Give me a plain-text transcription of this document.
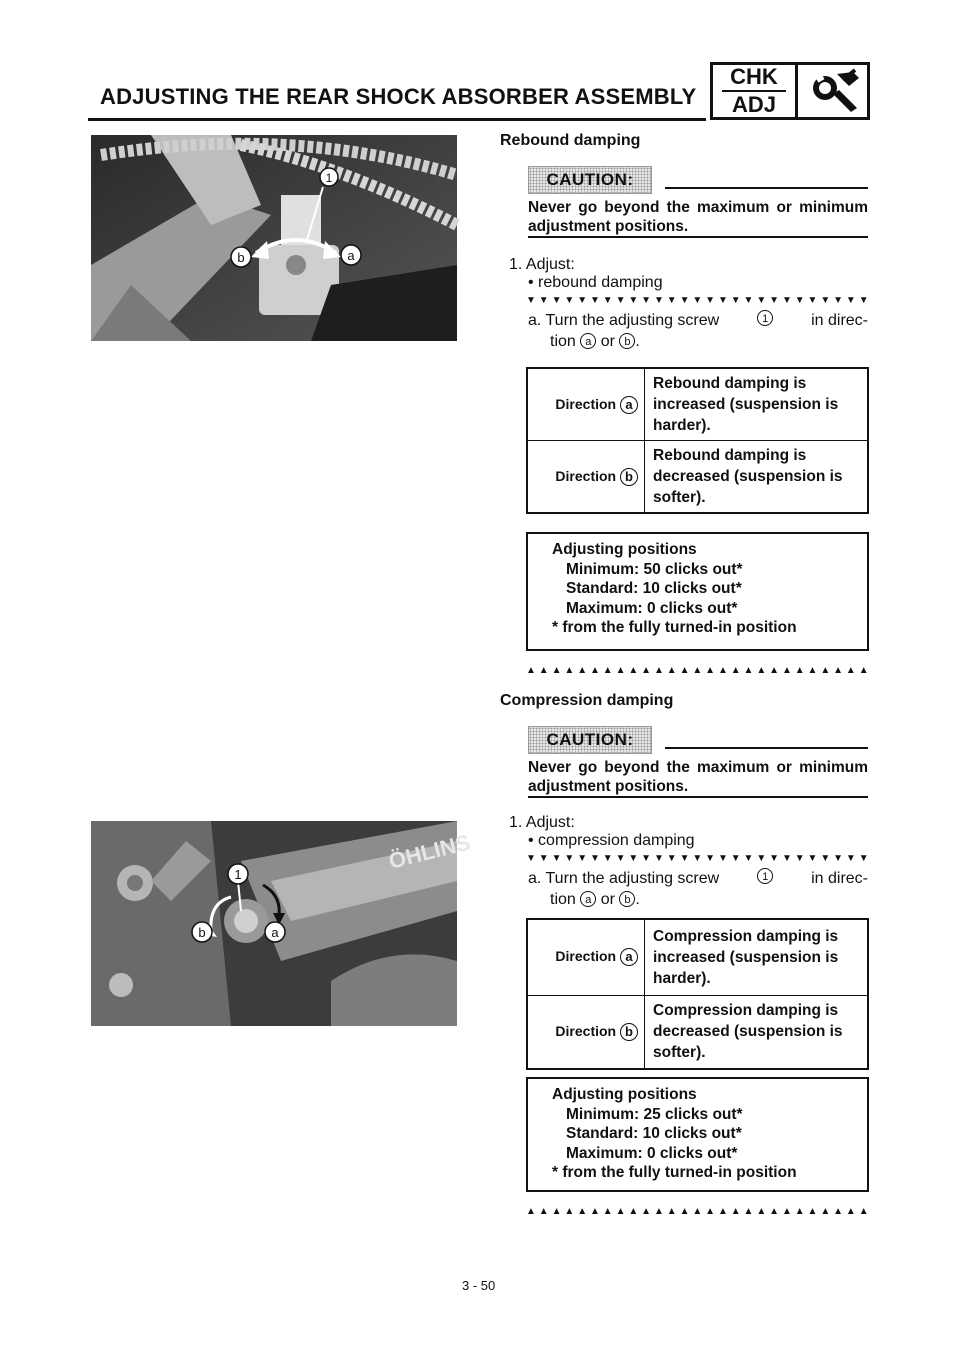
ADJUSTING THE REAR SHOCK ABSORBER ASSEMBLY
CHK
ADJ
1
b	a
ÖHLINS
1
b	a
Rebound damping
CAUTION:
Never go beyond the maximum or minimum adjustment positions.
1. Adjust:
• rebound damping
▼▼▼▼▼▼▼▼▼▼▼▼▼▼▼▼▼▼▼▼▼▼▼▼▼▼▼
a. Turn the adjusting screw	1	in direc-
tion a or b .
Direction a	Rebound damping is increased (suspension is harder).
Direction b	Rebound damping is decreased (suspension is softer).
Adjusting positions
Minimum: 50 clicks out*
Standard: 10 clicks out*
Maximum: 0 clicks out*
* from the fully turned-in position
▲▲▲▲▲▲▲▲▲▲▲▲▲▲▲▲▲▲▲▲▲▲▲▲▲▲▲
Compression damping
CAUTION:
Never go beyond the maximum or minimum adjustment positions.
1. Adjust:
• compression damping
▼▼▼▼▼▼▼▼▼▼▼▼▼▼▼▼▼▼▼▼▼▼▼▼▼▼▼
a. Turn the adjusting screw	1	in direc-
tion a or b .
Direction a	Compression damping is increased (suspension is harder).
Direction b	Compression damping is decreased (suspension is softer).
Adjusting positions
Minimum: 25 clicks out*
Standard: 10 clicks out*
Maximum: 0 clicks out*
* from the fully turned-in position
▲▲▲▲▲▲▲▲▲▲▲▲▲▲▲▲▲▲▲▲▲▲▲▲▲▲▲
3 - 50
